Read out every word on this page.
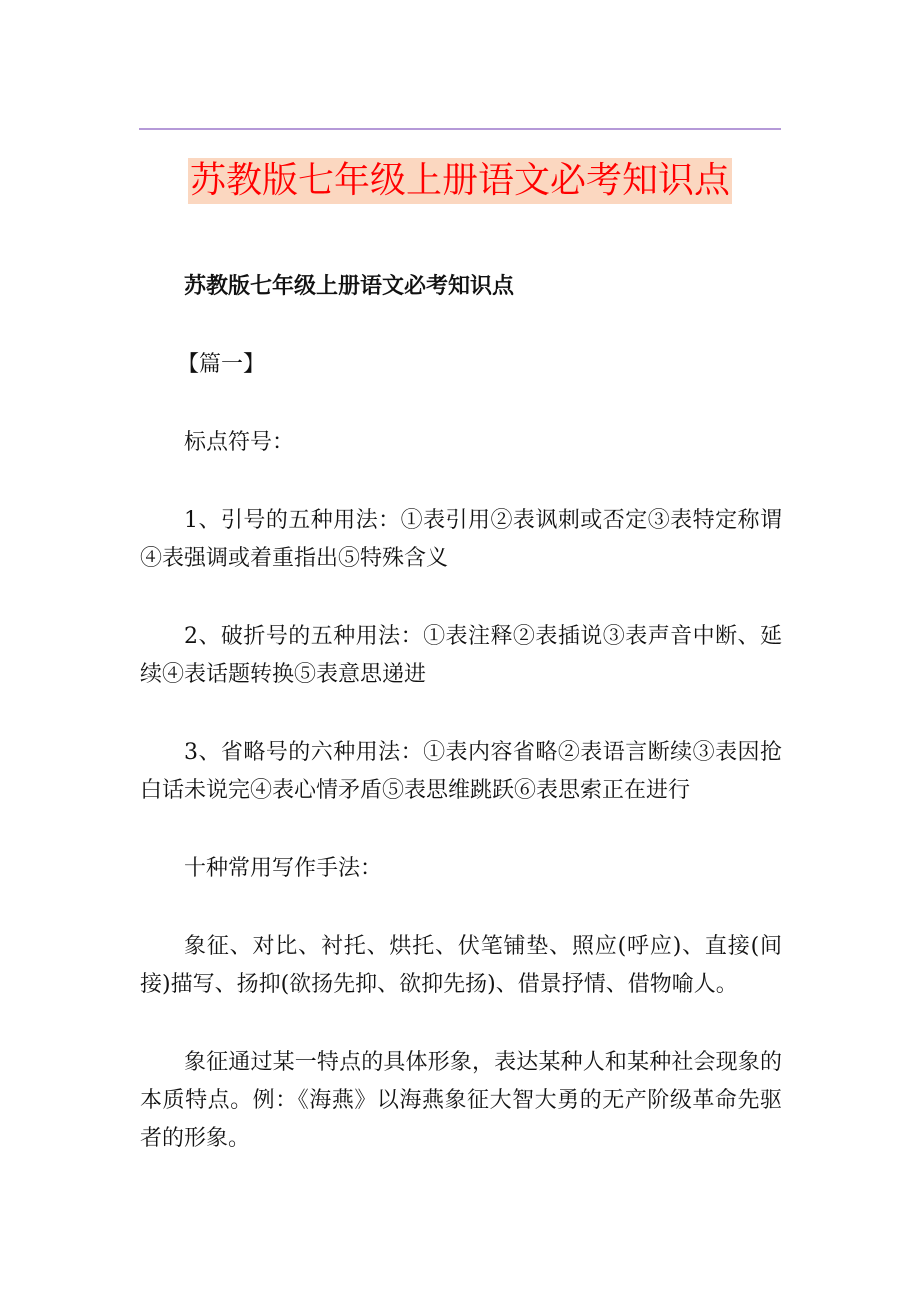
苏教版七年级上册语文必考知识点

苏教版七年级上册语文必考知识点

【篇一】

标点符号：

1、引号的五种用法：①表引用②表讽刺或否定③表特定称谓④表强调或着重指出⑤特殊含义

2、破折号的五种用法：①表注释②表插说③表声音中断、延续④表话题转换⑤表意思递进

3、省略号的六种用法：①表内容省略②表语言断续③表因抢白话未说完④表心情矛盾⑤表思维跳跃⑥表思索正在进行

十种常用写作手法：

象征、对比、衬托、烘托、伏笔铺垫、照应(呼应)、直接(间接)描写、扬抑(欲扬先抑、欲抑先扬)、借景抒情、借物喻人。

象征通过某一特点的具体形象，表达某种人和某种社会现象的本质特点。例：《海燕》以海燕象征大智大勇的无产阶级革命先驱者的形象。
